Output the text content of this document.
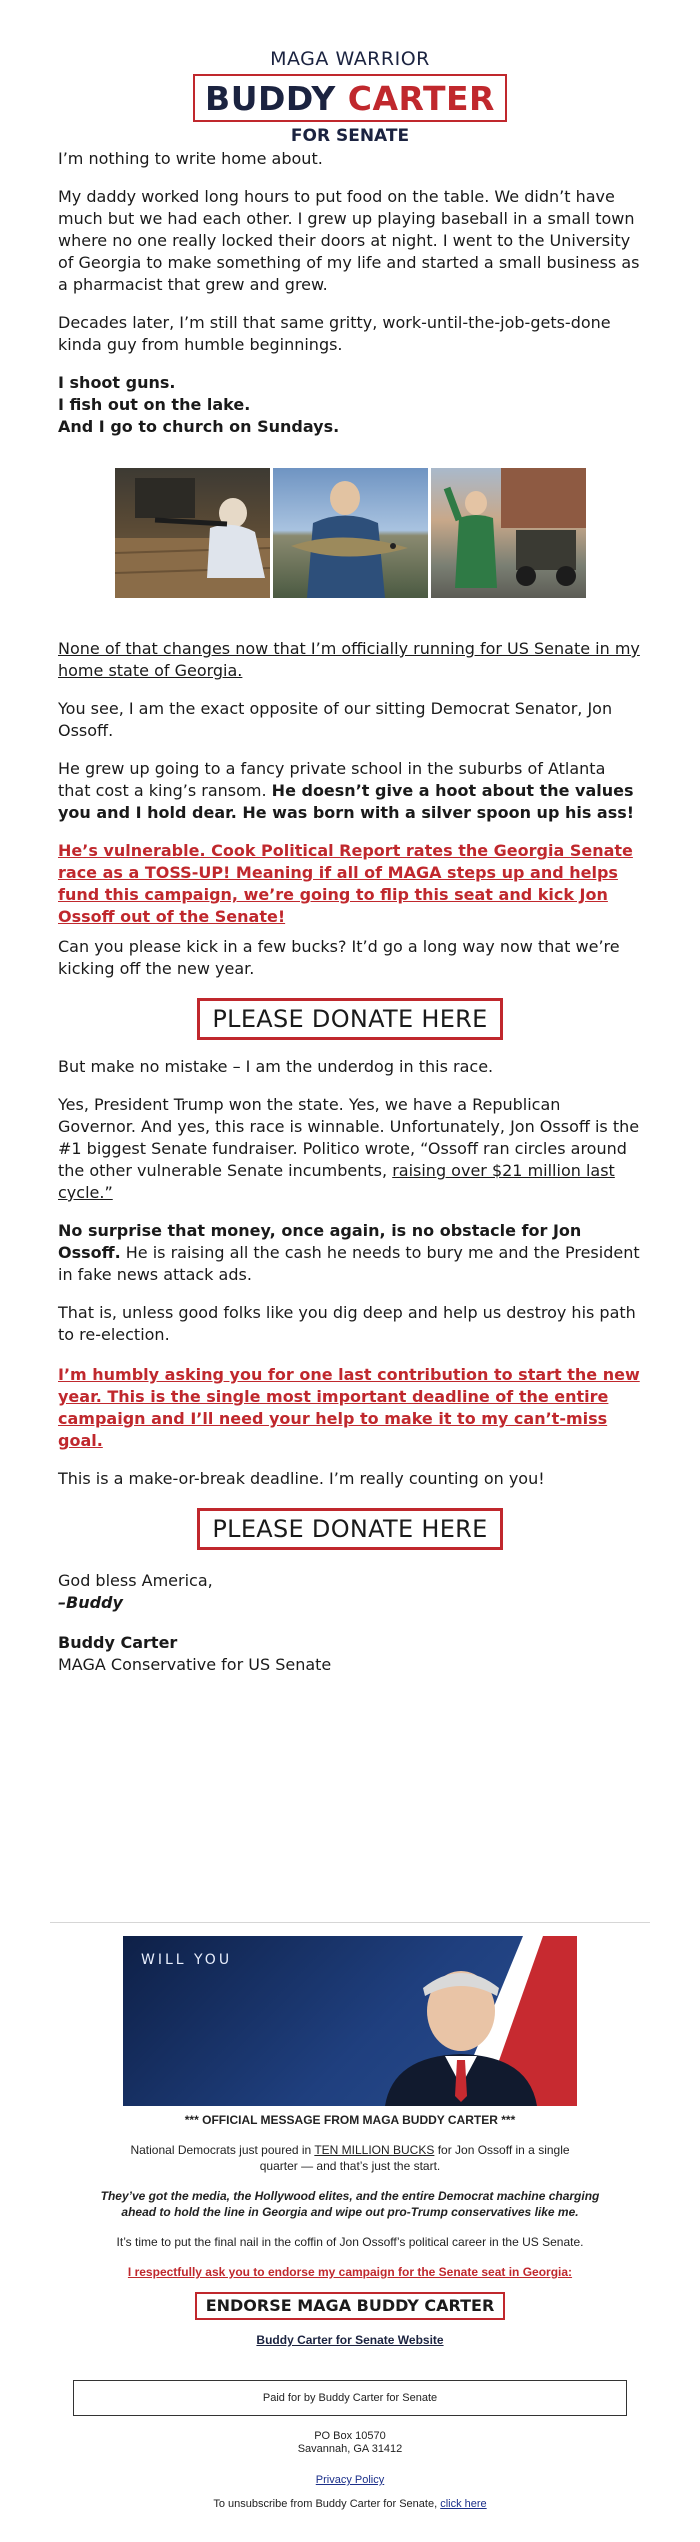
MAGA WARRIOR
BUDDY CARTER
FOR SENATE

I’m nothing to write home about.

My daddy worked long hours to put food on the table. We didn’t have much but we had each other. I grew up playing baseball in a small town where no one really locked their doors at night. I went to the University of Georgia to make something of my life and started a small business as a pharmacist that grew and grew.

Decades later, I’m still that same gritty, work-until-the-job-gets-done kinda guy from humble beginnings.

I shoot guns.
I fish out on the lake.
And I go to church on Sundays.

None of that changes now that I’m officially running for US Senate in my home state of Georgia.

You see, I am the exact opposite of our sitting Democrat Senator, Jon Ossoff.

He grew up going to a fancy private school in the suburbs of Atlanta that cost a king’s ransom. He doesn’t give a hoot about the values you and I hold dear. He was born with a silver spoon up his ass!

He’s vulnerable. Cook Political Report rates the Georgia Senate race as a TOSS-UP! Meaning if all of MAGA steps up and helps fund this campaign, we’re going to flip this seat and kick Jon Ossoff out of the Senate!

Can you please kick in a few bucks? It’d go a long way now that we’re kicking off the new year.

PLEASE DONATE HERE

But make no mistake – I am the underdog in this race.

Yes, President Trump won the state. Yes, we have a Republican Governor. And yes, this race is winnable. Unfortunately, Jon Ossoff is the #1 biggest Senate fundraiser. Politico wrote, “Ossoff ran circles around the other vulnerable Senate incumbents, raising over $21 million last cycle.”

No surprise that money, once again, is no obstacle for Jon Ossoff. He is raising all the cash he needs to bury me and the President in fake news attack ads.

That is, unless good folks like you dig deep and help us destroy his path to re-election.

I’m humbly asking you for one last contribution to start the new year. This is the single most important deadline of the entire campaign and I’ll need your help to make it to my can’t-miss goal.

This is a make-or-break deadline. I’m really counting on you!

PLEASE DONATE HERE
God bless America,
–Buddy
Buddy Carter
MAGA Conservative for US Senate
WILL YOU
*** OFFICIAL MESSAGE FROM MAGA BUDDY CARTER ***
National Democrats just poured in TEN MILLION BUCKS for Jon Ossoff in a single quarter — and that’s just the start.
They’ve got the media, the Hollywood elites, and the entire Democrat machine charging ahead to hold the line in Georgia and wipe out pro-Trump conservatives like me.
It’s time to put the final nail in the coffin of Jon Ossoff’s political career in the US Senate.
I respectfully ask you to endorse my campaign for the Senate seat in Georgia:
ENDORSE MAGA BUDDY CARTER
Buddy Carter for Senate Website
Paid for by Buddy Carter for Senate
PO Box 10570
Savannah, GA 31412
Privacy Policy
To unsubscribe from Buddy Carter for Senate, click here
